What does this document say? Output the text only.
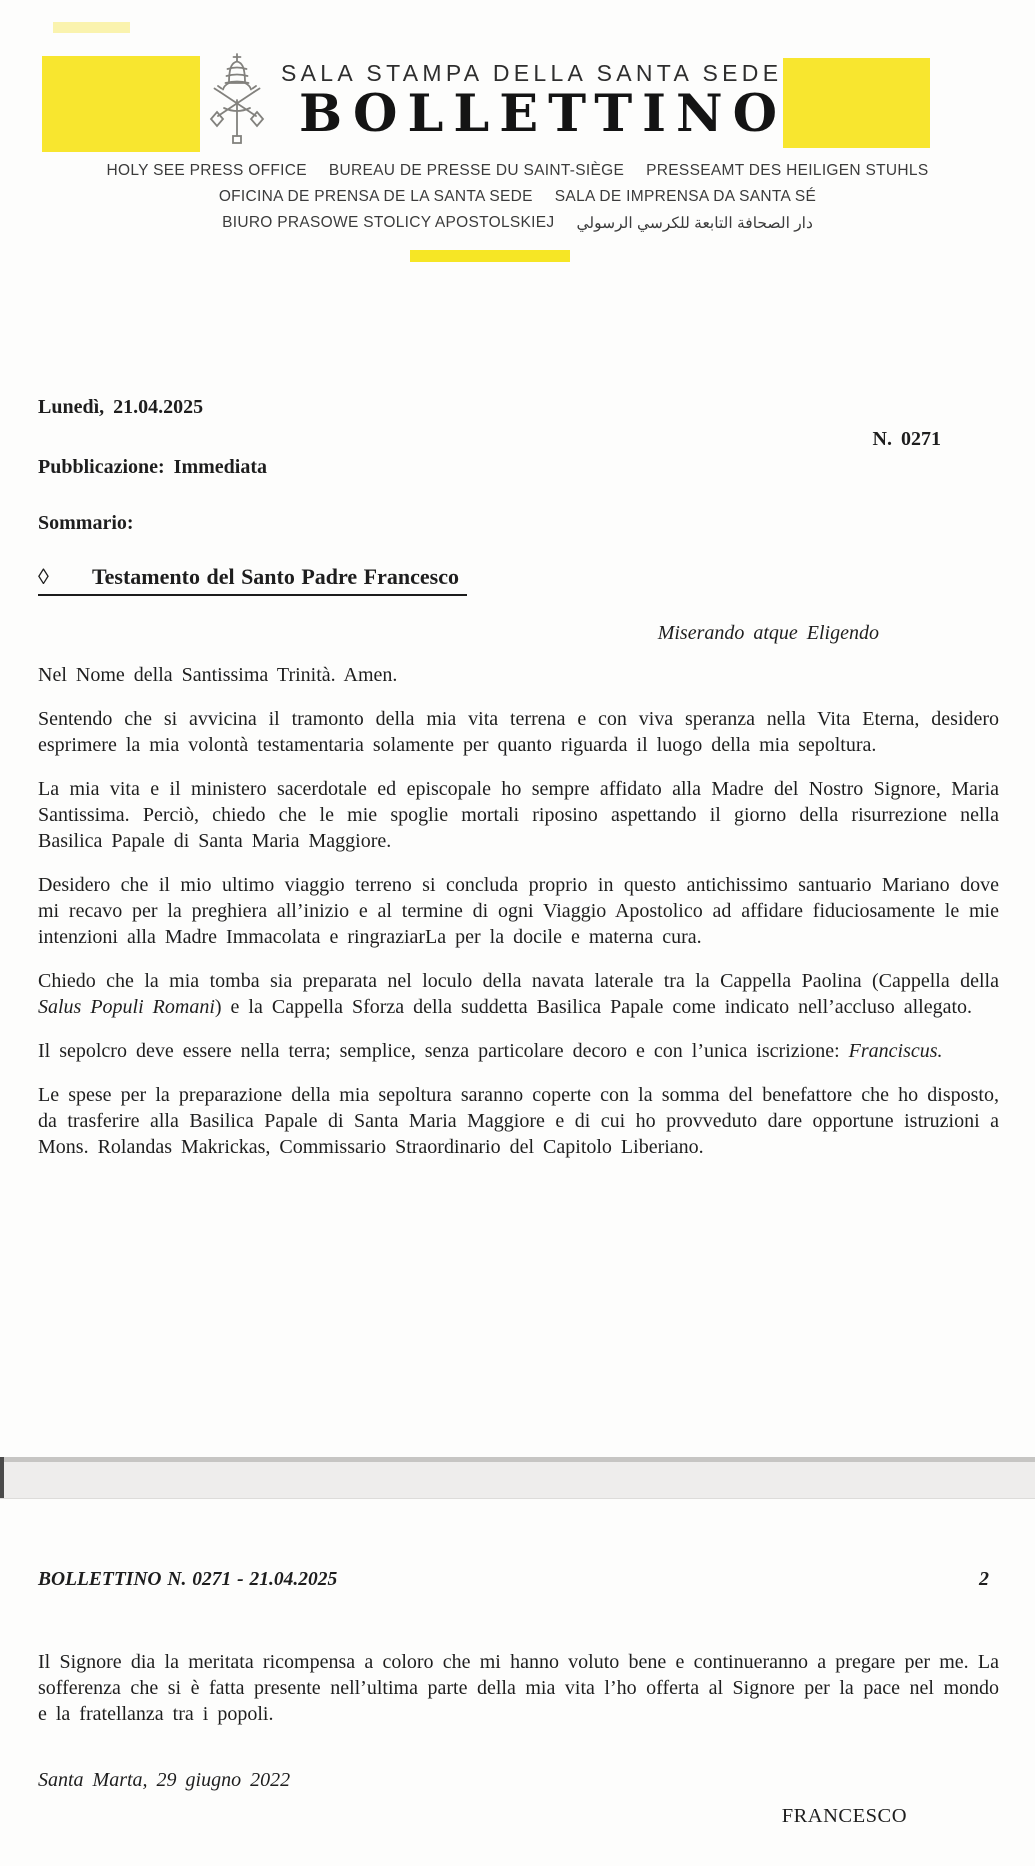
SALA STAMPA DELLA SANTA SEDE
BOLLETTINO
HOLY SEE PRESS OFFICE BUREAU DE PRESSE DU SAINT-SIÈGE PRESSEAMT DES HEILIGEN STUHLS
OFICINA DE PRENSA DE LA SANTA SEDE SALA DE IMPRENSA DA SANTA SÉ
BIURO PRASOWE STOLICY APOSTOLSKIEJ دار الصحافة التابعة للكرسي الرسولي
Lunedì, 21.04.2025
N. 0271
Pubblicazione: Immediata
Sommario:
◊ Testamento del Santo Padre Francesco
Miserando atque Eligendo

Nel Nome della Santissima Trinità. Amen.

Sentendo che si avvicina il tramonto della mia vita terrena e con viva speranza nella Vita Eterna, desidero esprimere la mia volontà testamentaria solamente per quanto riguarda il luogo della mia sepoltura.

La mia vita e il ministero sacerdotale ed episcopale ho sempre affidato alla Madre del Nostro Signore, Maria Santissima. Perciò, chiedo che le mie spoglie mortali riposino aspettando il giorno della risurrezione nella Basilica Papale di Santa Maria Maggiore.

Desidero che il mio ultimo viaggio terreno si concluda proprio in questo antichissimo santuario Mariano dove mi recavo per la preghiera all’inizio e al termine di ogni Viaggio Apostolico ad affidare fiduciosamente le mie intenzioni alla Madre Immacolata e ringraziarLa per la docile e materna cura.

Chiedo che la mia tomba sia preparata nel loculo della navata laterale tra la Cappella Paolina (Cappella della Salus Populi Romani) e la Cappella Sforza della suddetta Basilica Papale come indicato nell’accluso allegato.

Il sepolcro deve essere nella terra; semplice, senza particolare decoro e con l’unica iscrizione: Franciscus.

Le spese per la preparazione della mia sepoltura saranno coperte con la somma del benefattore che ho disposto, da trasferire alla Basilica Papale di Santa Maria Maggiore e di cui ho provveduto dare opportune istruzioni a Mons. Rolandas Makrickas, Commissario Straordinario del Capitolo Liberiano.

BOLLETTINO N. 0271 - 21.04.2025	2

Il Signore dia la meritata ricompensa a coloro che mi hanno voluto bene e continueranno a pregare per me. La sofferenza che si è fatta presente nell’ultima parte della mia vita l’ho offerta al Signore per la pace nel mondo e la fratellanza tra i popoli.

Santa Marta, 29 giugno 2022
FRANCESCO
